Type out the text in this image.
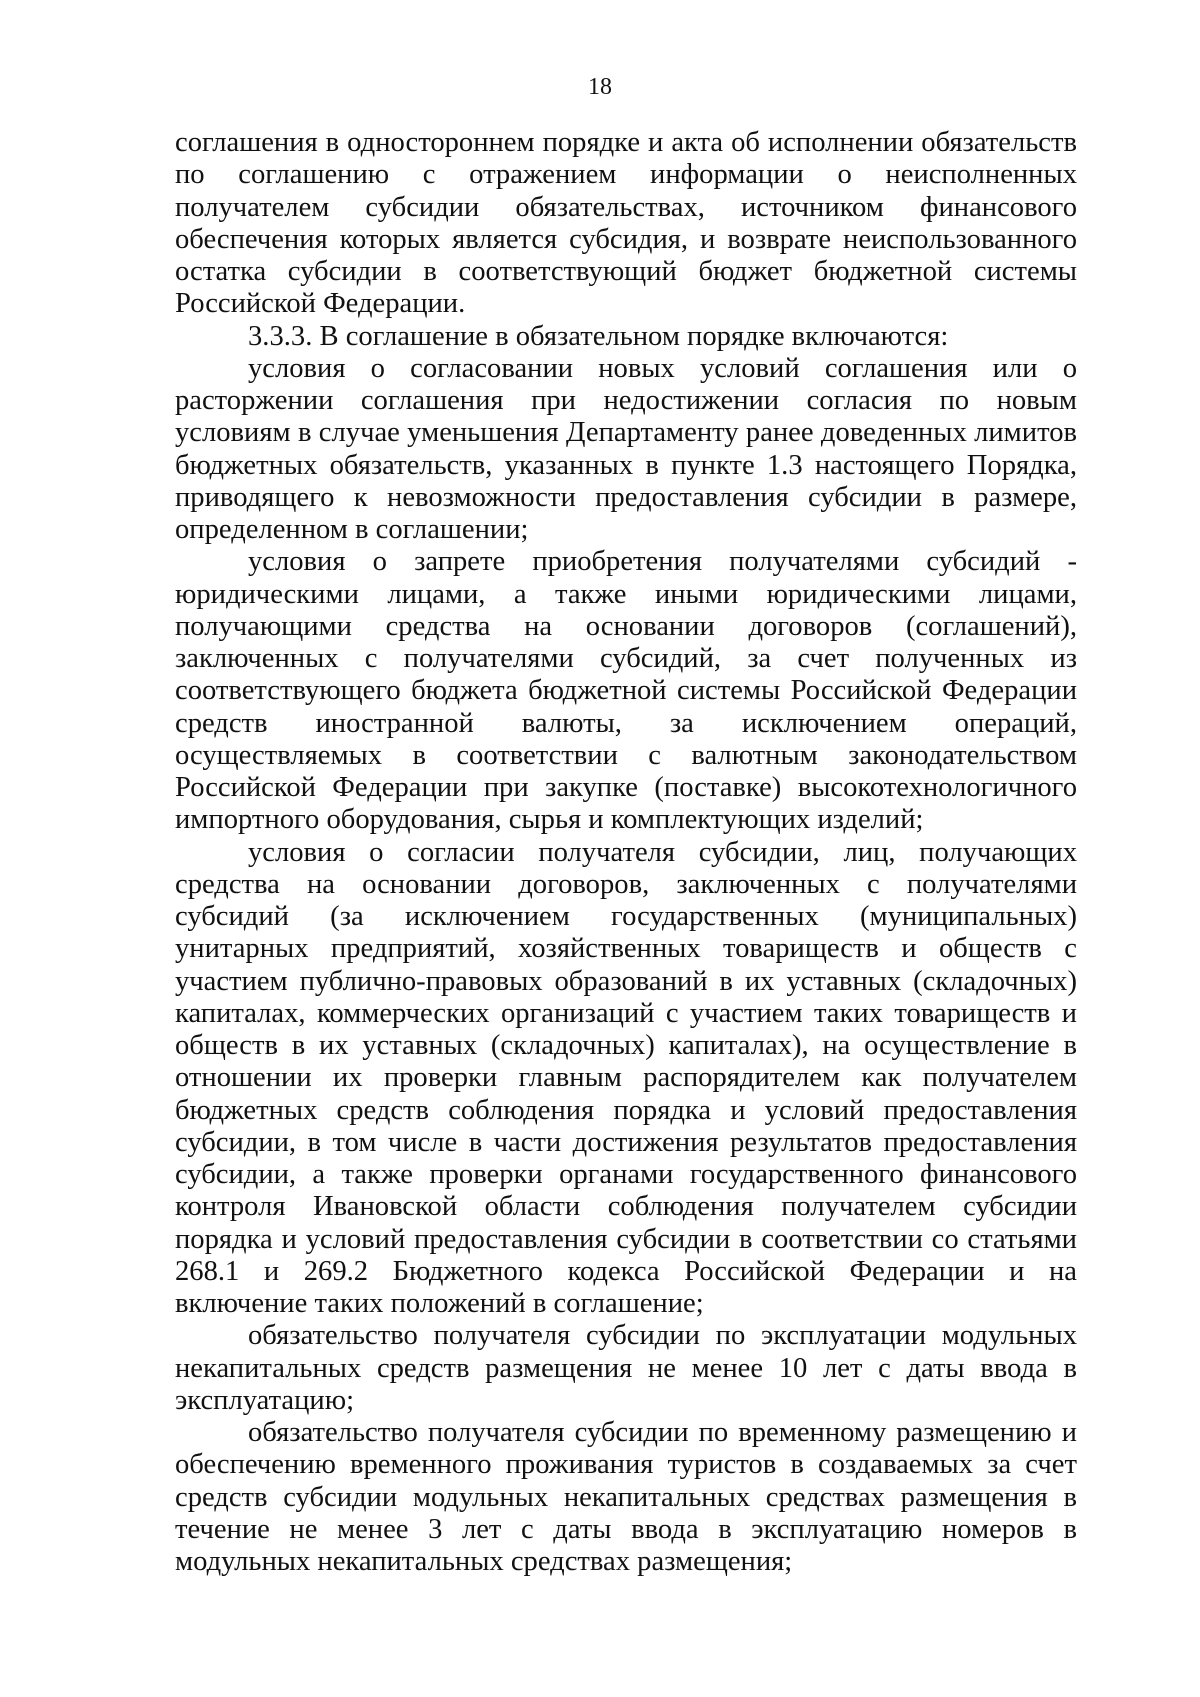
18

соглашения в одностороннем порядке и акта об исполнении обязательств по соглашению с отражением информации о неисполненных получателем субсидии обязательствах, источником финансового обеспечения которых является субсидия, и возврате неиспользованного остатка субсидии в соответствующий бюджет бюджетной системы Российской Федерации.

3.3.3. В соглашение в обязательном порядке включаются:

условия о согласовании новых условий соглашения или о расторжении соглашения при недостижении согласия по новым условиям в случае уменьшения Департаменту ранее доведенных лимитов бюджетных обязательств, указанных в пункте 1.3 настоящего Порядка, приводящего к невозможности предоставления субсидии в размере, определенном в соглашении;

условия о запрете приобретения получателями субсидий - юридическими лицами, а также иными юридическими лицами, получающими средства на основании договоров (соглашений), заключенных с получателями субсидий, за счет полученных из соответствующего бюджета бюджетной системы Российской Федерации средств иностранной валюты, за исключением операций, осуществляемых в соответствии с валютным законодательством Российской Федерации при закупке (поставке) высокотехнологичного импортного оборудования, сырья и комплектующих изделий;

условия о согласии получателя субсидии, лиц, получающих средства на основании договоров, заключенных с получателями субсидий (за исключением государственных (муниципальных) унитарных предприятий, хозяйственных товариществ и обществ с участием публично-правовых образований в их уставных (складочных) капиталах, коммерческих организаций с участием таких товариществ и обществ в их уставных (складочных) капиталах), на осуществление в отношении их проверки главным распорядителем как получателем бюджетных средств соблюдения порядка и условий предоставления субсидии, в том числе в части достижения результатов предоставления субсидии, а также проверки органами государственного финансового контроля Ивановской области соблюдения получателем субсидии порядка и условий предоставления субсидии в соответствии со статьями 268.1 и 269.2 Бюджетного кодекса Российской Федерации и на включение таких положений в соглашение;

обязательство получателя субсидии по эксплуатации модульных некапитальных средств размещения не менее 10 лет с даты ввода в эксплуатацию;

обязательство получателя субсидии по временному размещению и обеспечению временного проживания туристов в создаваемых за счет средств субсидии модульных некапитальных средствах размещения в течение не менее 3 лет с даты ввода в эксплуатацию номеров в модульных некапитальных средствах размещения;
